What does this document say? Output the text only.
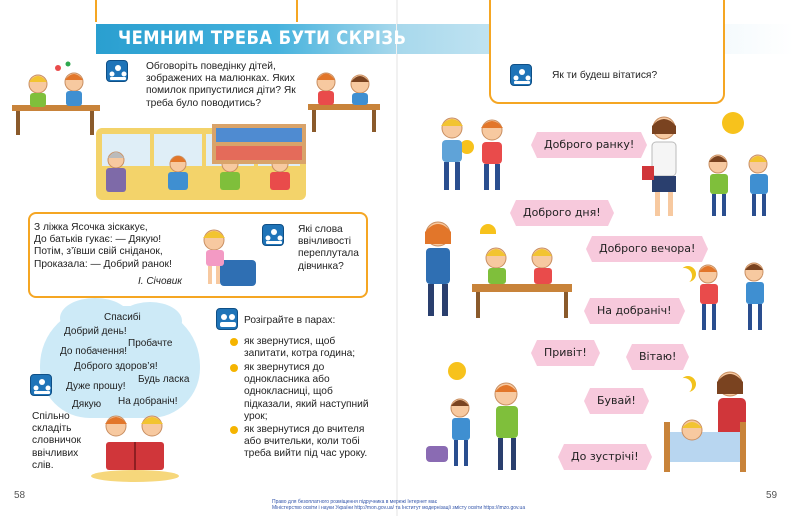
ЧЕМНИМ ТРЕБА БУТИ СКРІЗЬ
Обговоріть поведінку дітей, зображених на малюнках. Яких помилок припустилися діти? Як треба було поводитись?
З ліжка Ясочка зіскакує,
До батьків гукає: — Дякую!
Потім, з’ївши свій сніданок,
Проказала: — Добрий ранок!
І. Січовик
Які слова ввічливості переплутала дівчинка?
Спасибі
Добрий день!
Пробачте
До побачення!
Доброго здоров’я!
Будь ласка
Дуже прошу!
Дякую На добраніч!
Спільно складіть словничок ввічливих слів.
Розіграйте в парах:
як звернутися, щоб запитати, котра година;
як звернутися до однокласника або однокласниці, щоб підказали, який наступний урок;
як звернутися до вчителя або вчительки, коли тобі треба вийти під час уроку.
58
Як ти будеш вітатися?
Доброго ранку!
Доброго дня!
Доброго вечора!
На добраніч!
Привіт!	Вітаю!
Бувай!
До зустрічі!
59
Право для безоплатного розміщення підручника в мережі Інтернет має
Міністерство освіти і науки України http://mon.gov.ua/ та Інститут модернізації змісту освіти https://imzo.gov.ua
